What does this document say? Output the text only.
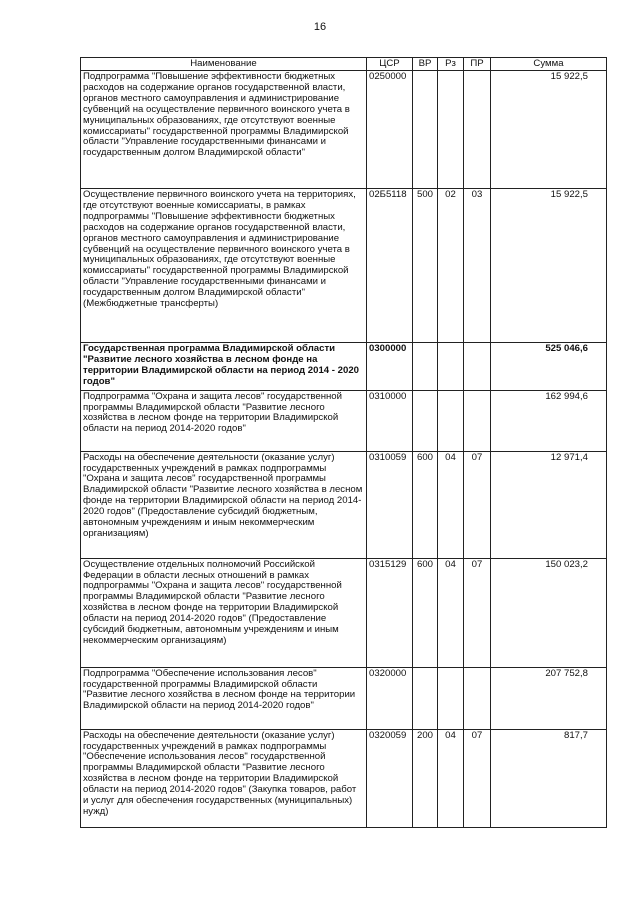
16
Наименование	ЦСР	ВР	Рз	ПР	Сумма
Подпрограмма "Повышение эффективности бюджетных расходов на содержание органов государственной власти, органов местного самоуправления и администрирование субвенций на осуществление первичного воинского учета в муниципальных образованиях, где отсутствуют военные комиссариаты" государственной программы Владимирской области "Управление государственными финансами и государственным долгом Владимирской области"	0250000				15 922,5
Осуществление первичного воинского учета на территориях, где отсутствуют военные комиссариаты, в рамках подпрограммы "Повышение эффективности бюджетных расходов на содержание органов государственной власти, органов местного самоуправления и администрирование субвенций на осуществление первичного воинского учета в муниципальных образованиях, где отсутствуют военные комиссариаты" государственной программы Владимирской области "Управление государственными финансами и государственным долгом Владимирской области" (Межбюджетные трансферты)	02Б5118	500	02	03	15 922,5
Государственная программа Владимирской области "Развитие лесного хозяйства в лесном фонде на территории Владимирской области на период 2014 - 2020 годов"	0300000				525 046,6
Подпрограмма "Охрана и защита лесов" государственной программы Владимирской области "Развитие лесного хозяйства в лесном фонде на территории Владимирской области на период 2014-2020 годов"	0310000				162 994,6
Расходы на обеспечение деятельности (оказание услуг) государственных учреждений в рамках подпрограммы "Охрана и защита лесов" государственной программы Владимирской области "Развитие лесного хозяйства в лесном фонде на территории Владимирской области на период 2014-2020 годов" (Предоставление субсидий бюджетным, автономным учреждениям и иным некоммерческим организациям)	0310059	600	04	07	12 971,4
Осуществление отдельных полномочий Российской Федерации в области лесных отношений в рамках подпрограммы "Охрана и защита лесов" государственной программы Владимирской области "Развитие лесного хозяйства в лесном фонде на территории Владимирской области на период 2014-2020 годов" (Предоставление субсидий бюджетным, автономным учреждениям и иным некоммерческим организациям)	0315129	600	04	07	150 023,2
Подпрограмма "Обеспечение использования лесов" государственной программы Владимирской области "Развитие лесного хозяйства в лесном фонде на территории Владимирской области на период 2014-2020 годов"	0320000				207 752,8
Расходы на обеспечение деятельности (оказание услуг) государственных учреждений в рамках подпрограммы "Обеспечение использования лесов" государственной программы Владимирской области "Развитие лесного хозяйства в лесном фонде на территории Владимирской области на период 2014-2020 годов" (Закупка товаров, работ и услуг для обеспечения государственных (муниципальных) нужд)	0320059	200	04	07	817,7
